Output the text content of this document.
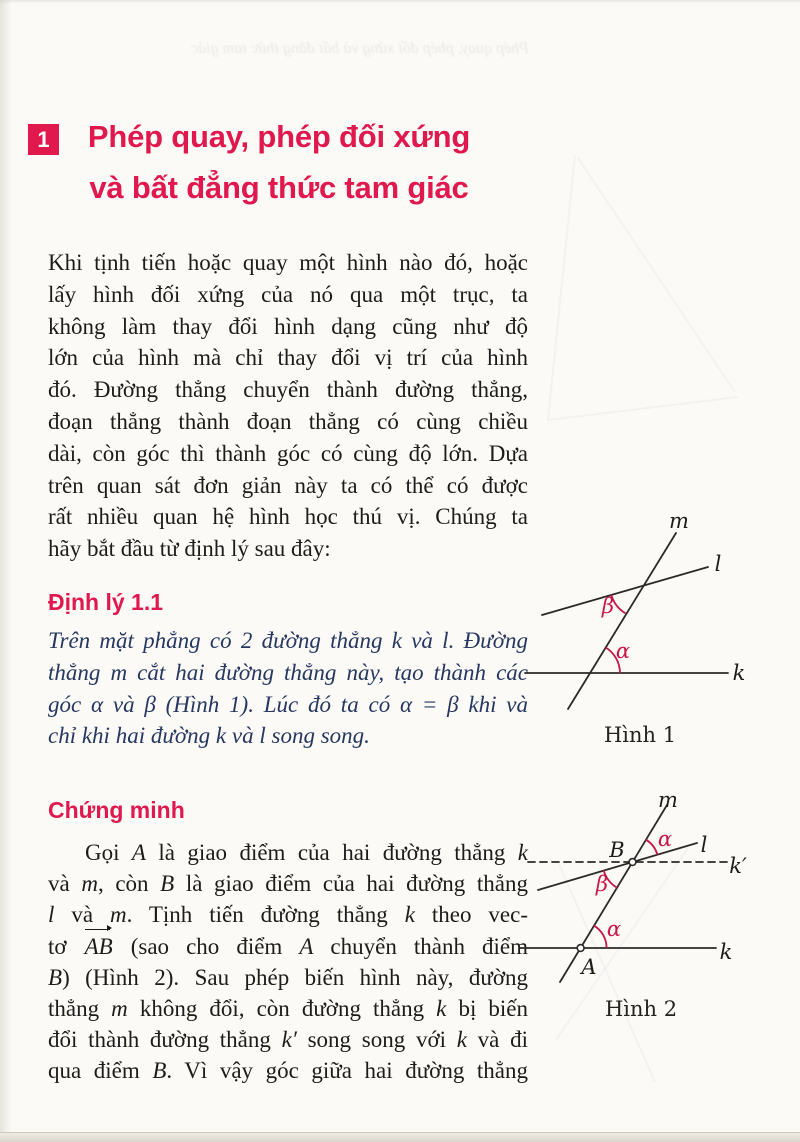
Phép quay, phép đối xứng và bất đẳng thức tam giác
1	Phép quay, phép đối xứng
và bất đẳng thức tam giác
Khi tịnh tiến hoặc quay một hình nào đó, hoặc
lấy hình đối xứng của nó qua một trục, ta
không làm thay đổi hình dạng cũng như độ
lớn của hình mà chỉ thay đổi vị trí của hình
đó. Đường thẳng chuyển thành đường thẳng,
đoạn thẳng thành đoạn thẳng có cùng chiều
dài, còn góc thì thành góc có cùng độ lớn. Dựa
trên quan sát đơn giản này ta có thể có được
rất nhiều quan hệ hình học thú vị. Chúng ta
hãy bắt đầu từ định lý sau đây:
Định lý 1.1
Trên mặt phẳng có 2 đường thẳng k và l. Đường
thẳng m cắt hai đường thẳng này, tạo thành các
góc α và β (Hình 1). Lúc đó ta có α = β khi và
chỉ khi hai đường k và l song song.
Chứng minh
Gọi A là giao điểm của hai đường thẳng k
và m, còn B là giao điểm của hai đường thẳng
l và m. Tịnh tiến đường thẳng k theo vec-
tơ AB (sao cho điểm A chuyển thành điểm
B) (Hình 2). Sau phép biến hình này, đường
thẳng m không đổi, còn đường thẳng k bị biến
đổi thành đường thẳng k′ song song với k và đi
qua điểm B. Vì vậy góc giữa hai đường thẳng
m
l
k
β
α
Hình 1
m
l
k′
k
B
A
α
β
α
Hình 2
